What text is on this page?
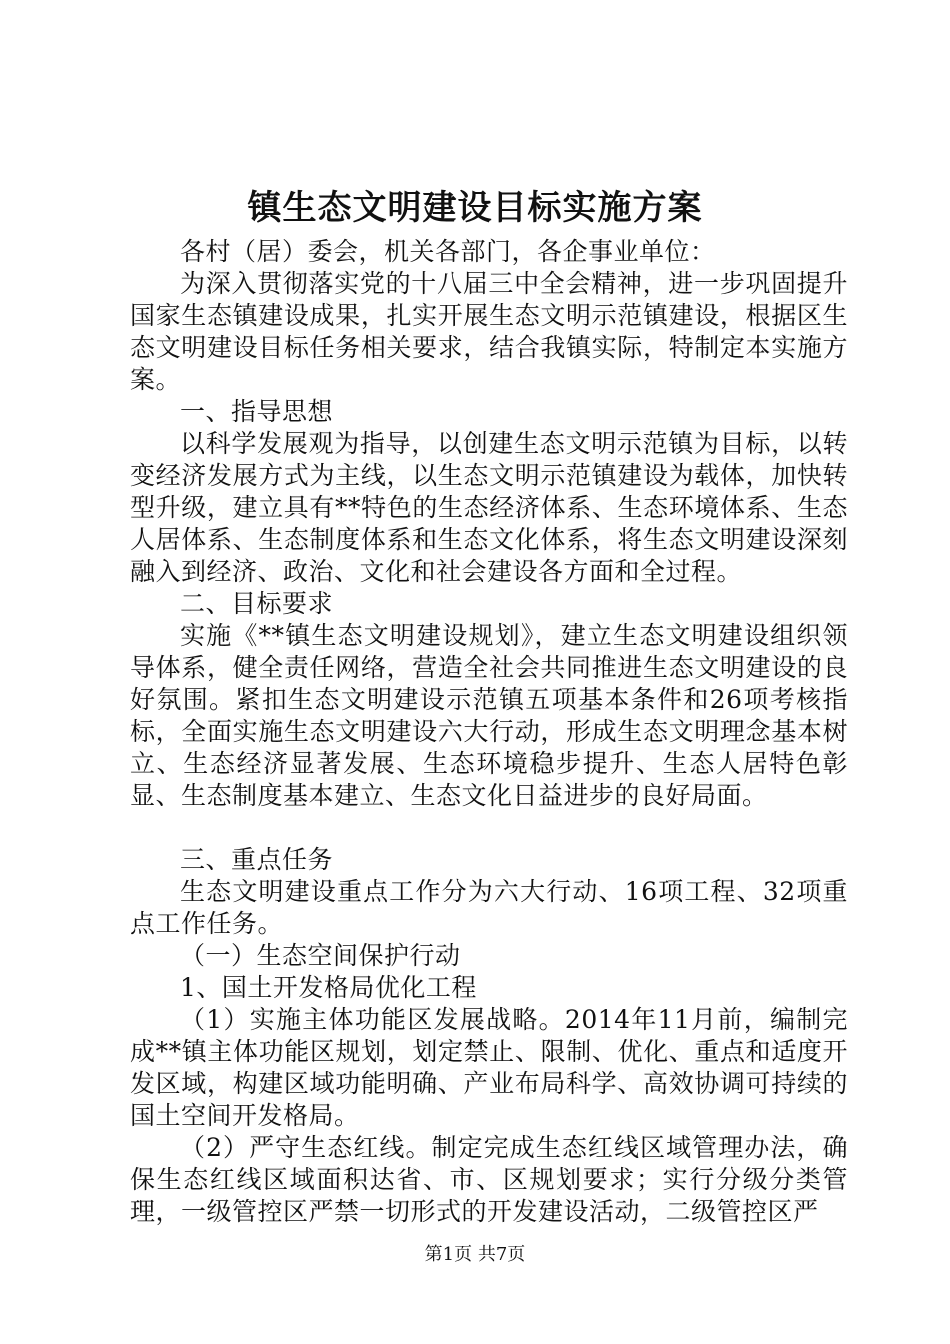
镇生态文明建设目标实施方案

各村（居）委会，机关各部门，各企事业单位：

为深入贯彻落实党的十八届三中全会精神，进一步巩固提升国家生态镇建设成果，扎实开展生态文明示范镇建设，根据区生态文明建设目标任务相关要求，结合我镇实际，特制定本实施方案。

一、指导思想

以科学发展观为指导，以创建生态文明示范镇为目标，以转变经济发展方式为主线，以生态文明示范镇建设为载体，加快转型升级，建立具有**特色的生态经济体系、生态环境体系、生态人居体系、生态制度体系和生态文化体系，将生态文明建设深刻融入到经济、政治、文化和社会建设各方面和全过程。

二、目标要求

实施《**镇生态文明建设规划》，建立生态文明建设组织领导体系，健全责任网络，营造全社会共同推进生态文明建设的良好氛围。紧扣生态文明建设示范镇五项基本条件和26项考核指标，全面实施生态文明建设六大行动，形成生态文明理念基本树立、生态经济显著发展、生态环境稳步提升、生态人居特色彰显、生态制度基本建立、生态文化日益进步的良好局面。

三、重点任务

生态文明建设重点工作分为六大行动、16项工程、32项重点工作任务。

（一）生态空间保护行动

1、国土开发格局优化工程

（1）实施主体功能区发展战略。2014年11月前，编制完成**镇主体功能区规划，划定禁止、限制、优化、重点和适度开发区域，构建区域功能明确、产业布局科学、高效协调可持续的国土空间开发格局。

（2）严守生态红线。制定完成生态红线区域管理办法，确保生态红线区域面积达省、市、区规划要求；实行分级分类管理，一级管控区严禁一切形式的开发建设活动，二级管控区严

第1页 共7页
